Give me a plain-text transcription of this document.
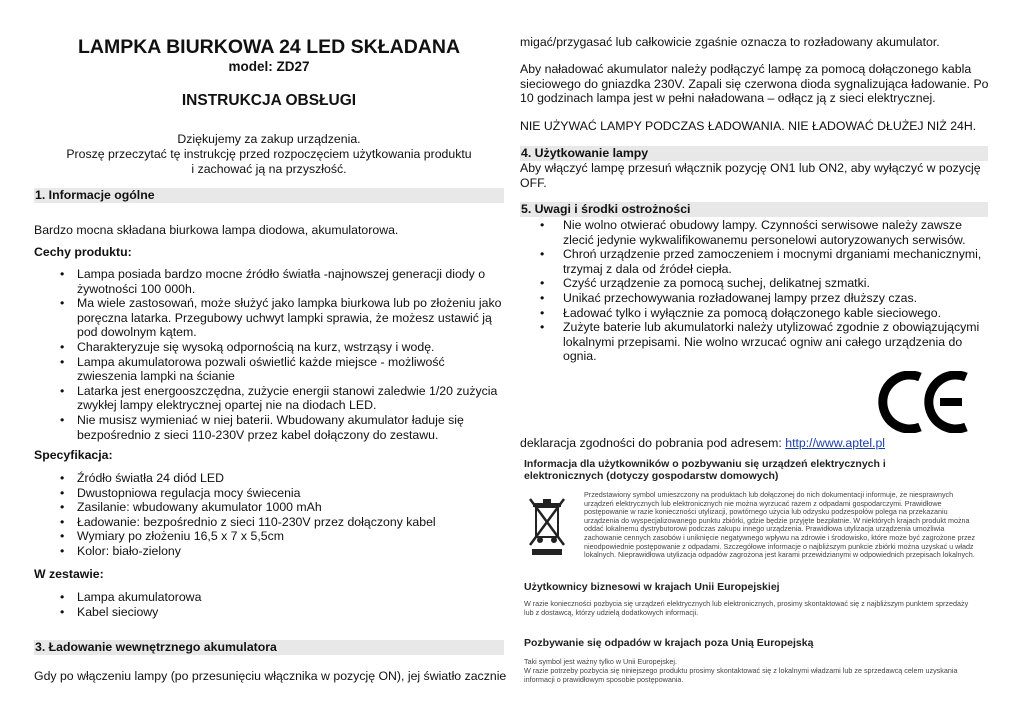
LAMPKA BIURKOWA 24 LED SKŁADANA
model: ZD27
INSTRUKCJA OBSŁUGI
Dziękujemy za zakup urządzenia.
Proszę przeczytać tę instrukcję przed rozpoczęciem użytkowania produktu
i zachować ją na przyszłość.
1. Informacje ogólne
Bardzo mocna składana biurkowa lampa diodowa, akumulatorowa.
Cechy produktu:
• Lampa posiada bardzo mocne źródło światła -najnowszej generacji diody o żywotności 100 000h.
• Ma wiele zastosowań, może służyć jako lampka biurkowa lub po złożeniu jako poręczna latarka. Przegubowy uchwyt lampki sprawia, że możesz ustawić ją pod dowolnym kątem.
• Charakteryzuje się wysoką odpornością na kurz, wstrząsy i wodę.
• Lampa akumulatorowa pozwali oświetlić każde miejsce - możliwość zwieszenia lampki na ścianie
• Latarka jest energooszczędna, zużycie energii stanowi zaledwie 1/20 zużycia zwykłej lampy elektrycznej opartej nie na diodach LED.
• Nie musisz wymieniać w niej baterii. Wbudowany akumulator ładuje się bezpośrednio z sieci 110-230V przez kabel dołączony do zestawu.
Specyfikacja:
• Źródło światła 24 diód LED
• Dwustopniowa regulacja mocy świecenia
• Zasilanie: wbudowany akumulator 1000 mAh
• Ładowanie: bezpośrednio z sieci 110-230V przez dołączony kabel
• Wymiary po złożeniu 16,5 x 7 x 5,5cm
• Kolor: biało-zielony
W zestawie:
• Lampa akumulatorowa
• Kabel sieciowy
3. Ładowanie wewnętrznego akumulatora
Gdy po włączeniu lampy (po przesunięciu włącznika w pozycję ON), jej światło zacznie
migać/przygasać lub całkowicie zgaśnie oznacza to rozładowany akumulator.
Aby naładować akumulator należy podłączyć lampę za pomocą dołączonego kabla sieciowego do gniazdka 230V. Zapali się czerwona dioda sygnalizująca ładowanie. Po 10 godzinach lampa jest w pełni naładowana – odłącz ją z sieci elektrycznej.
NIE UŻYWAĆ LAMPY PODCZAS ŁADOWANIA. NIE ŁADOWAĆ DŁUŻEJ NIŻ 24H.
4. Użytkowanie lampy
Aby włączyć lampę przesuń włącznik pozycję ON1 lub ON2, aby wyłączyć w pozycję OFF.
5. Uwagi i środki ostrożności
• Nie wolno otwierać obudowy lampy. Czynności serwisowe należy zawsze zlecić jedynie wykwalifikowanemu personelowi autoryzowanych serwisów.
• Chroń urządzenie przed zamoczeniem i mocnymi drganiami mechanicznymi, trzymaj z dala od źródeł ciepła.
• Czyść urządzenie za pomocą suchej, delikatnej szmatki.
• Unikać przechowywania rozładowanej lampy przez dłuższy czas.
• Ładować tylko i wyłącznie za pomocą dołączonego kable sieciowego.
• Zużyte baterie lub akumulatorki należy utylizować zgodnie z obowiązującymi lokalnymi przepisami. Nie wolno wrzucać ogniw ani całego urządzenia do ognia.
deklaracja zgodności do pobrania pod adresem: http://www.aptel.pl
Informacja dla użytkowników o pozbywaniu się urządzeń elektrycznych i elektronicznych (dotyczy gospodarstw domowych)
Przedstawiony symbol umieszczony na produktach lub dołączonej do nich dokumentacji informuje, że niesprawnych urządzeń elektrycznych lub elektronicznych nie można wyrzucać razem z odpadami gospodarczymi. Prawidłowe postępowanie w razie konieczności utylizacji, powtórnego użycia lub odzysku podzespołów polega na przekazaniu urządzenia do wyspecjalizowanego punktu zbiórki, gdzie będzie przyjęte bezpłatnie. W niektórych krajach produkt można oddać lokalnemu dystrybutorowi podczas zakupu innego urządzenia. Prawidłowa utylizacja urządzenia umożliwia zachowanie cennych zasobów i uniknięcie negatywnego wpływu na zdrowie i środowisko, które może być zagrożone przez nieodpowiednie postępowanie z odpadami. Szczegółowe informacje o najbliższym punkcie zbiórki można uzyskać u władz lokalnych. Nieprawidłowa utylizacja odpadów zagrożona jest karami przewidzianymi w odpowiednich przepisach lokalnych.
Użytkownicy biznesowi w krajach Unii Europejskiej
W razie konieczności pozbycia się urządzeń elektrycznych lub elektronicznych, prosimy skontaktować się z najbliższym punktem sprzedaży lub z dostawcą, którzy udzielą dodatkowych informacji.
Pozbywanie się odpadów w krajach poza Unią Europejską
Taki symbol jest ważny tylko w Unii Europejskej.
W razie potrzeby pozbycia się niniejszego produktu prosimy skontaktować się z lokalnymi władzami lub ze sprzedawcą celem uzyskania informacji o prawidłowym sposobie postępowania.
